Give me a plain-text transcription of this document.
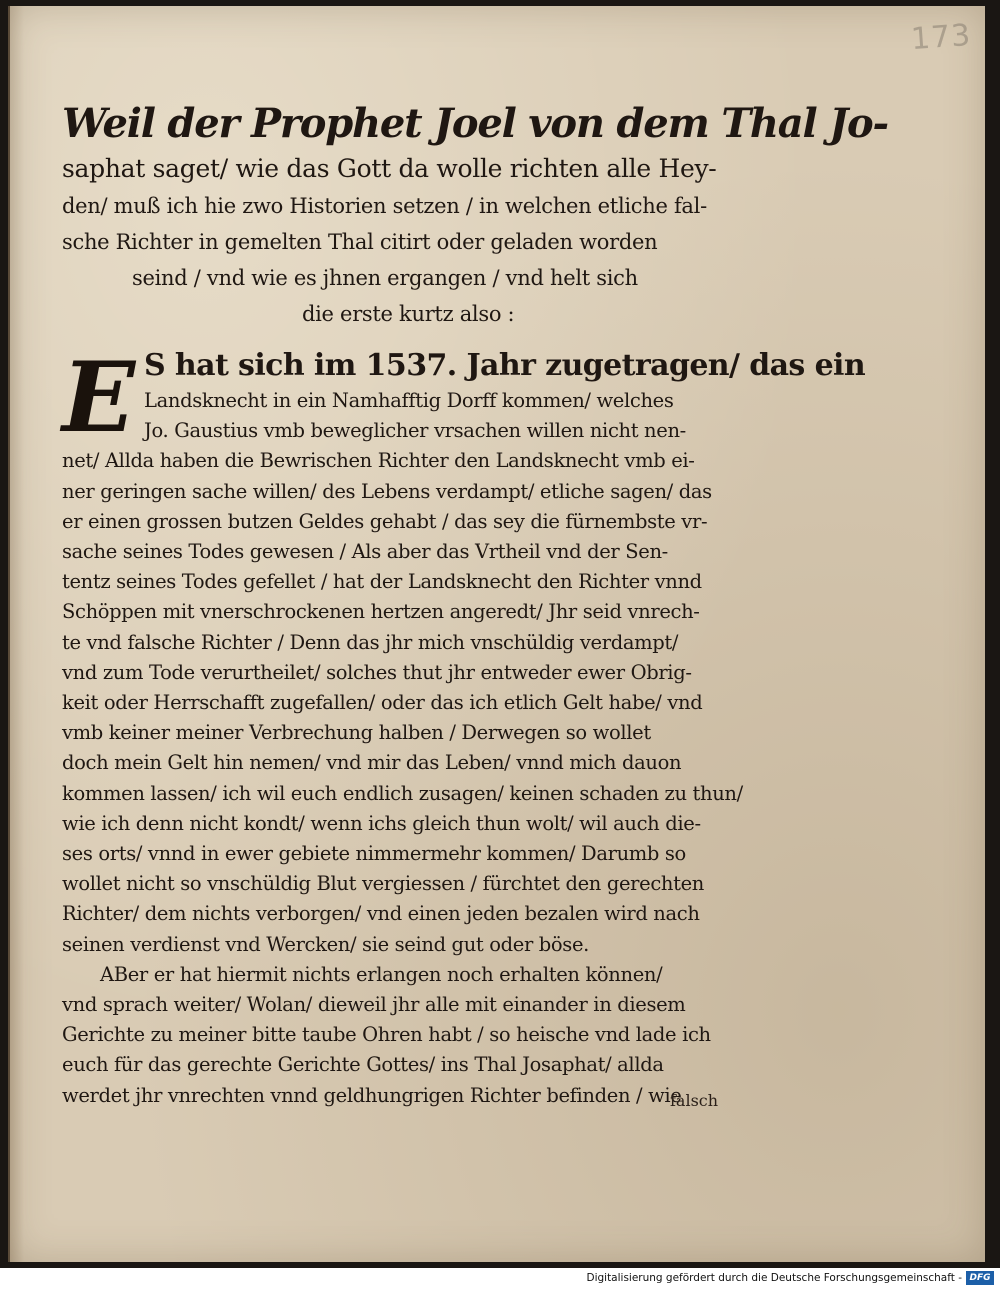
173
Weil der Prophet Joel von dem Thal Jo-
saphat saget/ wie das Gott da wolle richten alle Hey-
den/ muß ich hie zwo Historien setzen / in welchen etliche fal-
sche Richter in gemelten Thal citirt oder geladen worden
seind / vnd wie es jhnen ergangen / vnd helt sich
die erste kurtz also :
E S hat sich im 1537. Jahr zugetragen/ das ein
Landsknecht in ein Namhafftig Dorff kommen/ welches
Jo. Gaustius vmb beweglicher vrsachen willen nicht nen-
net/ Allda haben die Bewrischen Richter den Landsknecht vmb ei-
ner geringen sache willen/ des Lebens verdampt/ etliche sagen/ das
er einen grossen butzen Geldes gehabt / das sey die fürnembste vr-
sache seines Todes gewesen / Als aber das Vrtheil vnd der Sen-
tentz seines Todes gefellet / hat der Landsknecht den Richter vnnd
Schöppen mit vnerschrockenen hertzen angeredt/ Jhr seid vnrech-
te vnd falsche Richter / Denn das jhr mich vnschüldig verdampt/
vnd zum Tode verurtheilet/ solches thut jhr entweder ewer Obrig-
keit oder Herrschafft zugefallen/ oder das ich etlich Gelt habe/ vnd
vmb keiner meiner Verbrechung halben / Derwegen so wollet
doch mein Gelt hin nemen/ vnd mir das Leben/ vnnd mich dauon
kommen lassen/ ich wil euch endlich zusagen/ keinen schaden zu thun/
wie ich denn nicht kondt/ wenn ichs gleich thun wolt/ wil auch die-
ses orts/ vnnd in ewer gebiete nimmermehr kommen/ Darumb so
wollet nicht so vnschüldig Blut vergiessen / fürchtet den gerechten
Richter/ dem nichts verborgen/ vnd einen jeden bezalen wird nach
seinen verdienst vnd Wercken/ sie seind gut oder böse.
ABer er hat hiermit nichts erlangen noch erhalten können/
vnd sprach weiter/ Wolan/ dieweil jhr alle mit einander in diesem
Gerichte zu meiner bitte taube Ohren habt / so heische vnd lade ich
euch für das gerechte Gerichte Gottes/ ins Thal Josaphat/ allda
werdet jhr vnrechten vnnd geldhungrigen Richter befinden / wie
falsch
Digitalisierung gefördert durch die Deutsche Forschungsgemeinschaft - DFG
